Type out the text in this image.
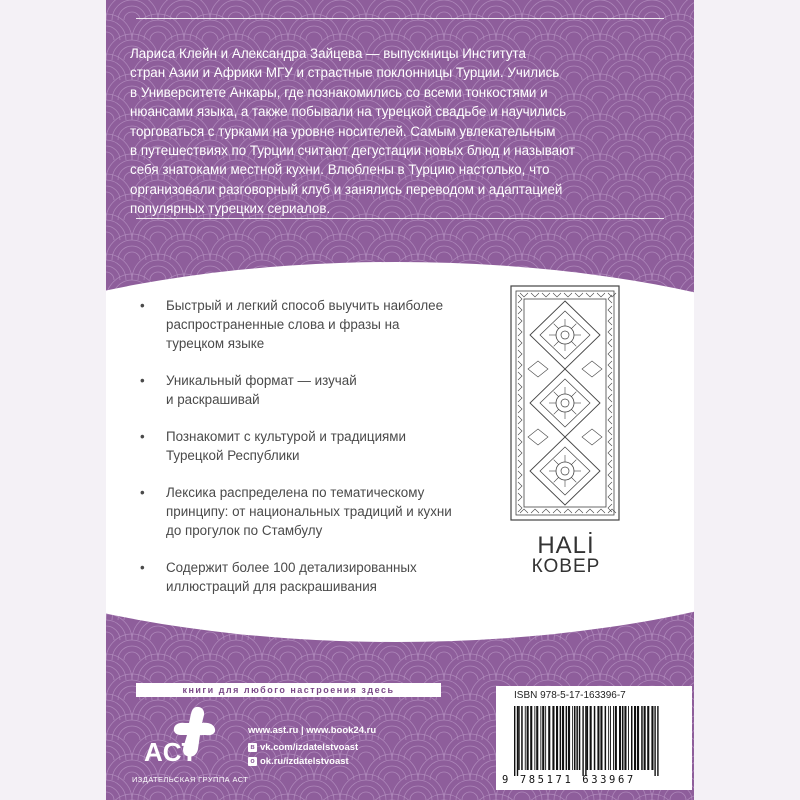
Лариса Клейн и Александра Зайцева — выпускницы Института
стран Азии и Африки МГУ и страстные поклонницы Турции. Учились
в Университете Анкары, где познакомились со всеми тонкостями и
нюансами языка, а также побывали на турецкой свадьбе и научились
торговаться с турками на уровне носителей. Самым увлекательным
в путешествиях по Турции считают дегустации новых блюд и называют
себя знатоками местной кухни. Влюблены в Турцию настолько, что
организовали разговорный клуб и занялись переводом и адаптацией
популярных турецких сериалов.
• Быстрый и легкий способ выучить наиболее
распространенные слова и фразы на
турецком языке
• Уникальный формат — изучай
и раскрашивай
• Познакомит с культурой и традициями
Турецкой Республики
• Лексика распределена по тематическому
принципу: от национальных традиций и кухни
до прогулок по Стамбулу
• Содержит более 100 детализированных
иллюстраций для раскрашивания
HALİ
КОВЕР
книги для любого настроения здесь
ACT
ИЗДАТЕЛЬСКАЯ ГРУППА АСТ
www.ast.ru | www.book24.ru
в vk.com/izdatelstvoast
o ok.ru/izdatelstvoast
ISBN 978-5-17-163396-7
9 785171 633967
